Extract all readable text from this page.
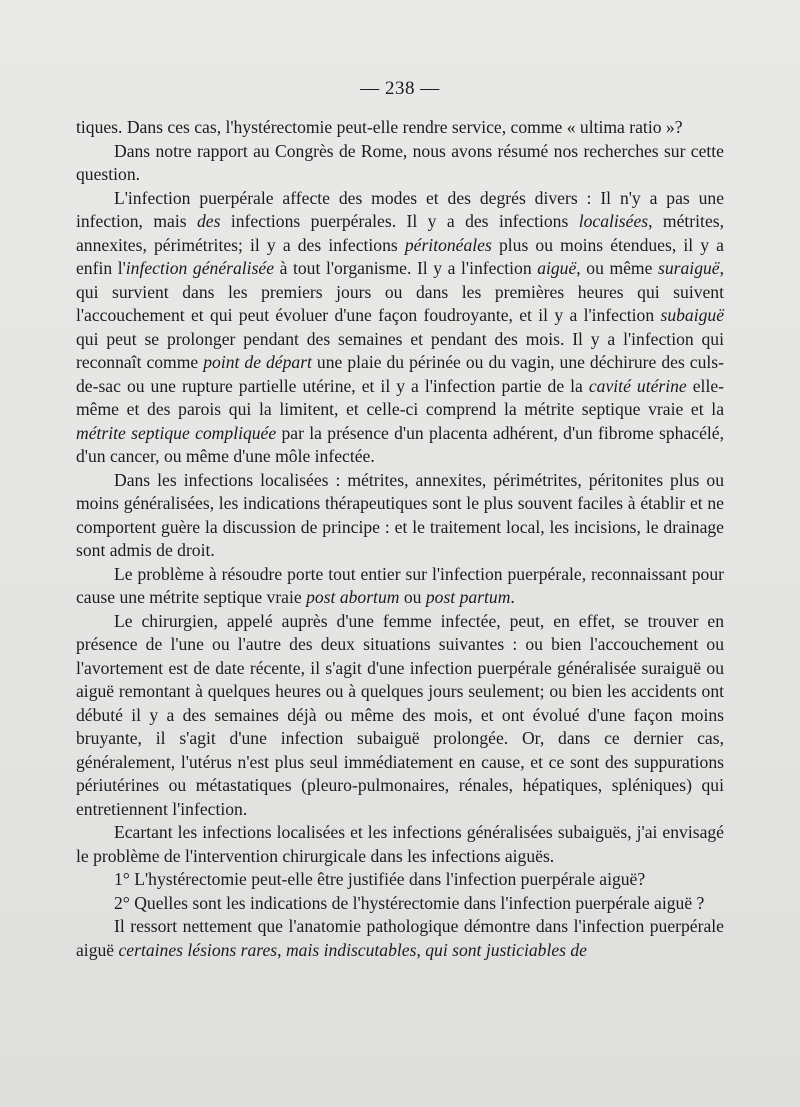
— 238 —

tiques. Dans ces cas, l'hystérectomie peut-elle rendre service, comme « ultima ratio »?

Dans notre rapport au Congrès de Rome, nous avons résumé nos recherches sur cette question.

L'infection puerpérale affecte des modes et des degrés divers : Il n'y a pas une infection, mais des infections puerpérales. Il y a des infections localisées, métrites, annexites, périmétrites; il y a des infections péritonéales plus ou moins étendues, il y a enfin l'infection généralisée à tout l'organisme. Il y a l'infection aiguë, ou même suraiguë, qui survient dans les premiers jours ou dans les premières heures qui suivent l'accouchement et qui peut évoluer d'une façon foudroyante, et il y a l'infection subaiguë qui peut se prolonger pendant des semaines et pendant des mois. Il y a l'infection qui reconnaît comme point de départ une plaie du périnée ou du vagin, une déchirure des culs-de-sac ou une rupture partielle utérine, et il y a l'infection partie de la cavité utérine elle-même et des parois qui la limitent, et celle-ci comprend la métrite septique vraie et la métrite septique compliquée par la présence d'un placenta adhérent, d'un fibrome sphacélé, d'un cancer, ou même d'une môle infectée.

Dans les infections localisées : métrites, annexites, périmétrites, péritonites plus ou moins généralisées, les indications thérapeutiques sont le plus souvent faciles à établir et ne comportent guère la discussion de principe : et le traitement local, les incisions, le drainage sont admis de droit.

Le problème à résoudre porte tout entier sur l'infection puerpérale, reconnaissant pour cause une métrite septique vraie post abortum ou post partum.

Le chirurgien, appelé auprès d'une femme infectée, peut, en effet, se trouver en présence de l'une ou l'autre des deux situations suivantes : ou bien l'accouchement ou l'avortement est de date récente, il s'agit d'une infection puerpérale généralisée suraiguë ou aiguë remontant à quelques heures ou à quelques jours seulement; ou bien les accidents ont débuté il y a des semaines déjà ou même des mois, et ont évolué d'une façon moins bruyante, il s'agit d'une infection subaiguë prolongée. Or, dans ce dernier cas, généralement, l'utérus n'est plus seul immédiatement en cause, et ce sont des suppurations périutérines ou métastatiques (pleuro-pulmonaires, rénales, hépatiques, spléniques) qui entretiennent l'infection.

Ecartant les infections localisées et les infections généralisées subaiguës, j'ai envisagé le problème de l'intervention chirurgicale dans les infections aiguës.

1° L'hystérectomie peut-elle être justifiée dans l'infection puerpérale aiguë?

2° Quelles sont les indications de l'hystérectomie dans l'infection puerpérale aiguë ?

Il ressort nettement que l'anatomie pathologique démontre dans l'infection puerpérale aiguë certaines lésions rares, mais indiscutables, qui sont justiciables de
